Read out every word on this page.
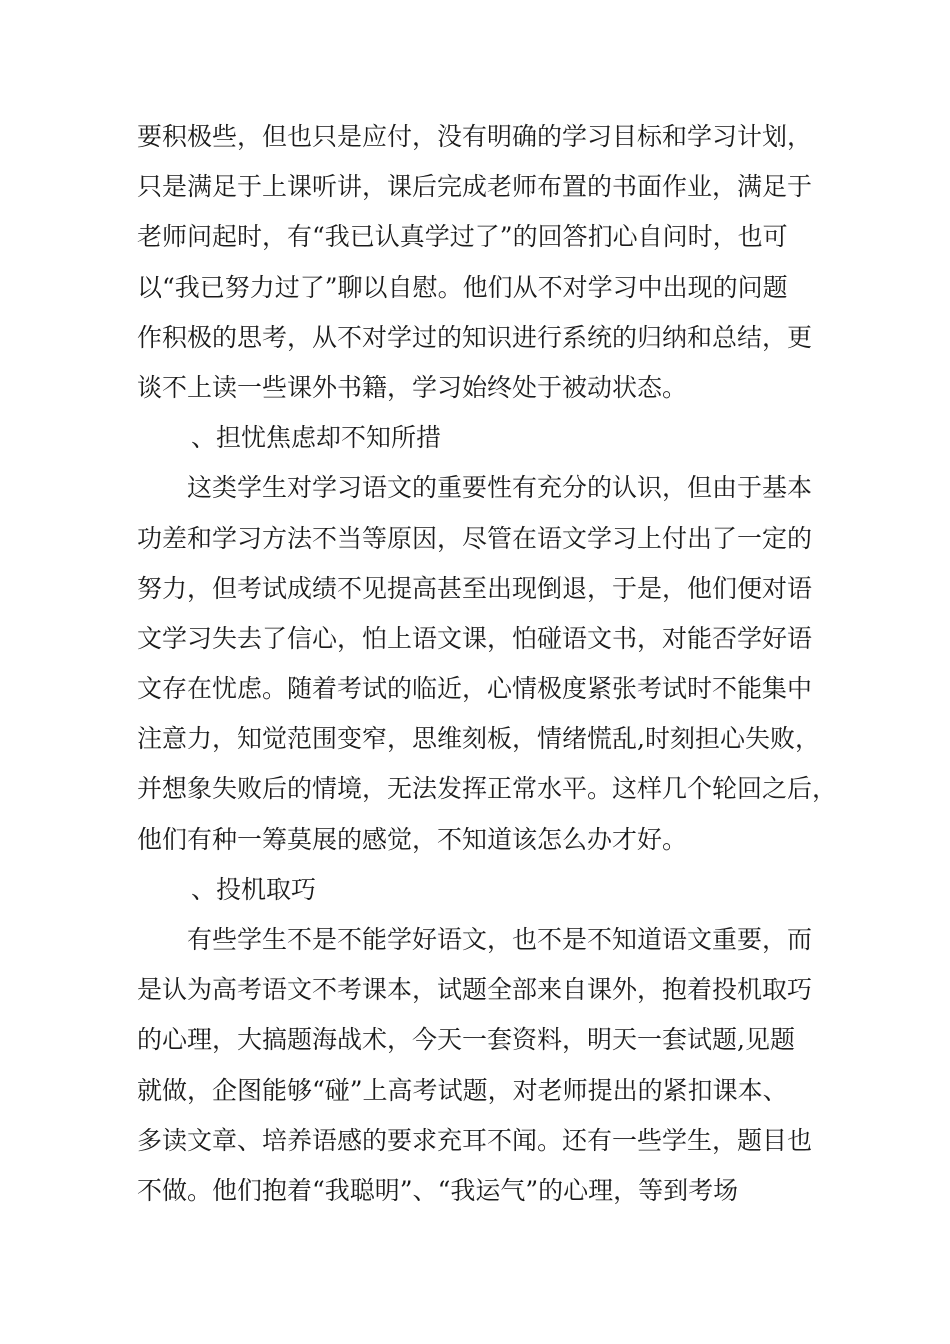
要积极些，但也只是应付，没有明确的学习目标和学习计划，
只是满足于上课听讲，课后完成老师布置的书面作业，满足于
老师问起时，有“我已认真学过了”的回答扪心自问时，也可
以“我已努力过了”聊以自慰。他们从不对学习中出现的问题
作积极的思考，从不对学过的知识进行系统的归纳和总结，更
谈不上读一些课外书籍，学习始终处于被动状态。
、担忧焦虑却不知所措
这类学生对学习语文的重要性有充分的认识，但由于基本
功差和学习方法不当等原因，尽管在语文学习上付出了一定的
努力，但考试成绩不见提高甚至出现倒退，于是，他们便对语
文学习失去了信心，怕上语文课，怕碰语文书，对能否学好语
文存在忧虑。随着考试的临近，心情极度紧张考试时不能集中
注意力，知觉范围变窄，思维刻板，情绪慌乱,时刻担心失败，
并想象失败后的情境，无法发挥正常水平。这样几个轮回之后，
他们有种一筹莫展的感觉，不知道该怎么办才好。
、投机取巧
有些学生不是不能学好语文，也不是不知道语文重要，而
是认为高考语文不考课本，试题全部来自课外，抱着投机取巧
的心理，大搞题海战术，今天一套资料，明天一套试题,见题
就做，企图能够“碰”上高考试题，对老师提出的紧扣课本、
多读文章、培养语感的要求充耳不闻。还有一些学生，题目也
不做。他们抱着“我聪明”、“我运气”的心理，等到考场
